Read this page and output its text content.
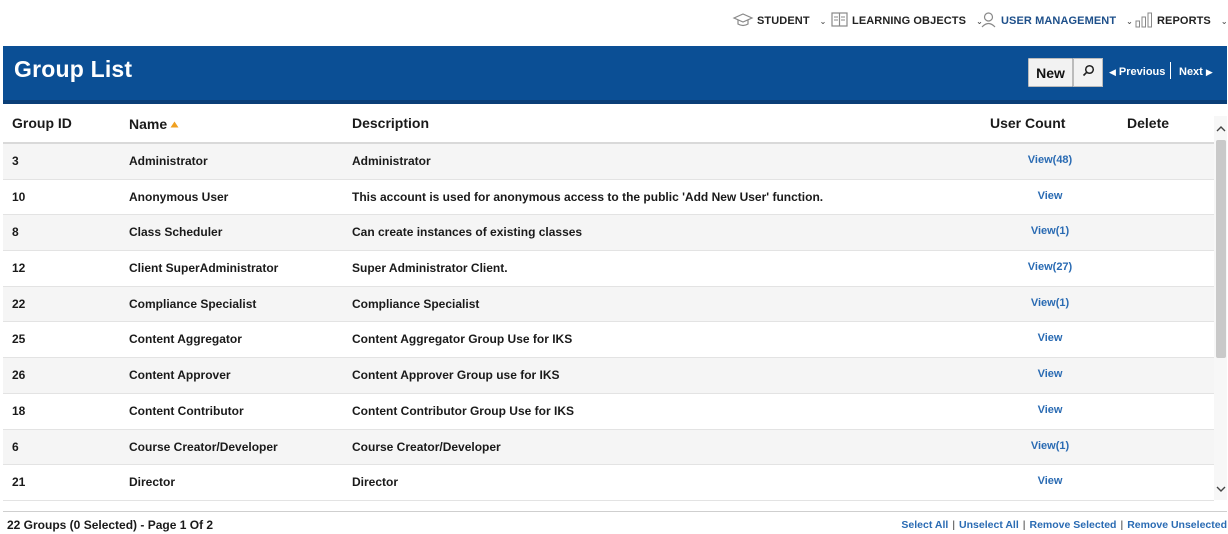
STUDENT ⌄ LEARNING OBJECTS ⌄ USER MANAGEMENT ⌄ REPORTS ⌄
Group List	New	◀ Previous Next ▶
Group ID	Name	Description	User Count	Delete
3	Administrator	Administrator	View(48)
10	Anonymous User	This account is used for anonymous access to the public 'Add New User' function.	View
8	Class Scheduler	Can create instances of existing classes	View(1)
12	Client SuperAdministrator	Super Administrator Client.	View(27)
22	Compliance Specialist	Compliance Specialist	View(1)
25	Content Aggregator	Content Aggregator Group Use for IKS	View
26	Content Approver	Content Approver Group use for IKS	View
18	Content Contributor	Content Contributor Group Use for IKS	View
6	Course Creator/Developer	Course Creator/Developer	View(1)
21	Director	Director	View
22 Groups (0 Selected) - Page 1 Of 2	Select All | Unselect All | Remove Selected | Remove Unselected
